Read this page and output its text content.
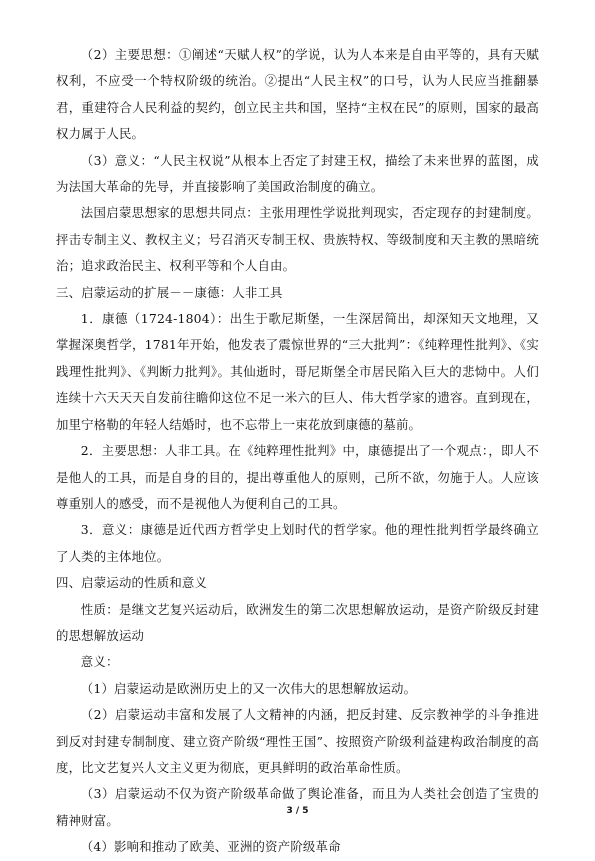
（2）主要思想：①阐述“天赋人权”的学说，认为人本来是自由平等的，具有天赋权利，不应受一个特权阶级的统治。②提出“人民主权”的口号，认为人民应当推翻暴君，重建符合人民利益的契约，创立民主共和国，坚持“主权在民”的原则，国家的最高权力属于人民。

（3）意义：“人民主权说”从根本上否定了封建王权，描绘了未来世界的蓝图，成为法国大革命的先导，并直接影响了美国政治制度的确立。

法国启蒙思想家的思想共同点：主张用理性学说批判现实，否定现存的封建制度。抨击专制主义、教权主义；号召消灭专制王权、贵族特权、等级制度和天主教的黑暗统治；追求政治民主、权利平等和个人自由。

三、启蒙运动的扩展－－康德：人非工具

1．康德（1724-1804）：出生于歌尼斯堡，一生深居简出，却深知天文地理，又掌握深奥哲学，1781年开始，他发表了震惊世界的“三大批判”：《纯粹理性批判》、《实践理性批判》、《判断力批判》。其仙逝时，哥尼斯堡全市居民陷入巨大的悲恸中。人们连续十六天天天自发前往瞻仰这位不足一米六的巨人、伟大哲学家的遗容。直到现在，加里宁格勒的年轻人结婚时，也不忘带上一束花放到康德的墓前。

2．主要思想：人非工具。在《纯粹理性批判》中，康德提出了一个观点：，即人不是他人的工具，而是自身的目的，提出尊重他人的原则，己所不欲，勿施于人。人应该尊重别人的感受，而不是视他人为便利自己的工具。

3．意义：康德是近代西方哲学史上划时代的哲学家。他的理性批判哲学最终确立了人类的主体地位。

四、启蒙运动的性质和意义

性质：是继文艺复兴运动后，欧洲发生的第二次思想解放运动，是资产阶级反封建的思想解放运动

意义：

（1）启蒙运动是欧洲历史上的又一次伟大的思想解放运动。

（2）启蒙运动丰富和发展了人文精神的内涵，把反封建、反宗教神学的斗争推进到反对封建专制制度、建立资产阶级“理性王国”、按照资产阶级利益建构政治制度的高度，比文艺复兴人文主义更为彻底，更具鲜明的政治革命性质。

（3）启蒙运动不仅为资产阶级革命做了舆论准备，而且为人类社会创造了宝贵的精神财富。

（4）影响和推动了欧美、亚洲的资产阶级革命

3 / 5
